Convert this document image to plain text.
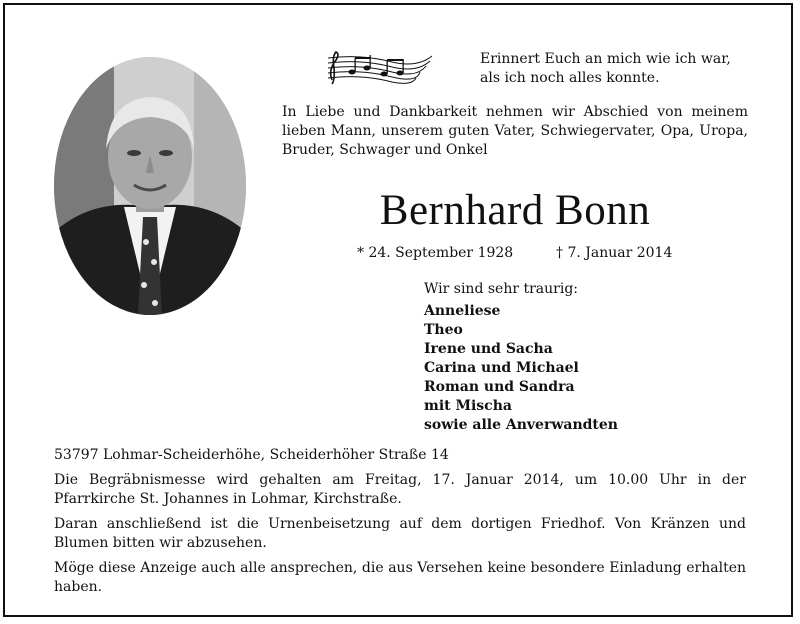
Erinnert Euch an mich wie ich war,
als ich noch alles konnte.
In Liebe und Dankbarkeit nehmen wir Abschied von meinem lieben Mann, unserem guten Vater, Schwiegervater, Opa, Uropa, Bruder, Schwager und Onkel
Bernhard Bonn
* 24. September 1928	† 7. Januar 2014
Wir sind sehr traurig:
Anneliese
Theo
Irene und Sacha
Carina und Michael
Roman und Sandra
mit Mischa
sowie alle Anverwandten

53797 Lohmar-Scheiderhöhe, Scheiderhöher Straße 14

Die Begräbnismesse wird gehalten am Freitag, 17. Januar 2014, um 10.00 Uhr in der Pfarrkirche St. Johannes in Lohmar, Kirchstraße.

Daran anschließend ist die Urnenbeisetzung auf dem dortigen Friedhof. Von Kränzen und Blumen bitten wir abzusehen.

Möge diese Anzeige auch alle ansprechen, die aus Versehen keine besondere Einladung erhalten haben.
